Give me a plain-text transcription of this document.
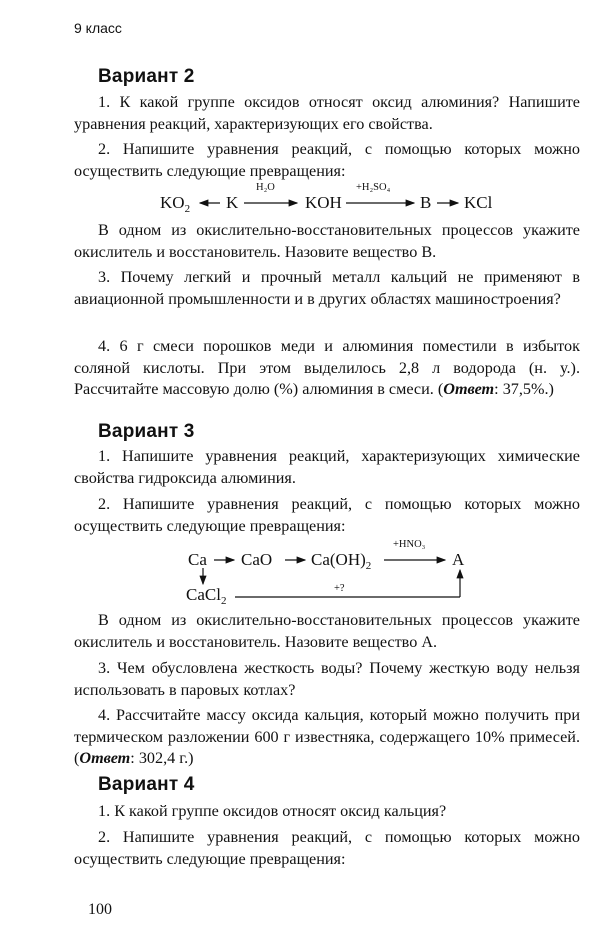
9 класс
Вариант 2
1. К какой группе оксидов относят оксид алюминия? Напишите уравнения реакций, характеризующих его свойства.
2. Напишите уравнения реакций, с помощью которых можно осуществить следующие превращения:
$KO_2$ K
H₂O
KOH
+H₂SO₄
B KCl
В одном из окислительно-восстановительных процессов укажите окислитель и восстановитель. Назовите вещество В.
3. Почему легкий и прочный металл кальций не применяют в авиационной промышленности и в других областях машиностроения?
4. 6 г смеси порошков меди и алюминия поместили в избыток соляной кислоты. При этом выделилось 2,8 л водорода (н. у.). Рассчитайте массовую долю (%) алюминия в смеси. (Ответ: 37,5%.)
Вариант 3
1. Напишите уравнения реакций, характеризующих химические свойства гидроксида алюминия.
2. Напишите уравнения реакций, с помощью которых можно осуществить следующие превращения:
Ca CaO $Ca(OH)_2$
+HNO₃
A
CaCl$_2$
+?
В одном из окислительно-восстановительных процессов укажите окислитель и восстановитель. Назовите вещество А.
3. Чем обусловлена жесткость воды? Почему жесткую воду нельзя использовать в паровых котлах?
4. Рассчитайте массу оксида кальция, который можно получить при термическом разложении 600 г известняка, содержащего 10% примесей. (Ответ: 302,4 г.)
Вариант 4
1. К какой группе оксидов относят оксид кальция?
2. Напишите уравнения реакций, с помощью которых можно осуществить следующие превращения:
100
